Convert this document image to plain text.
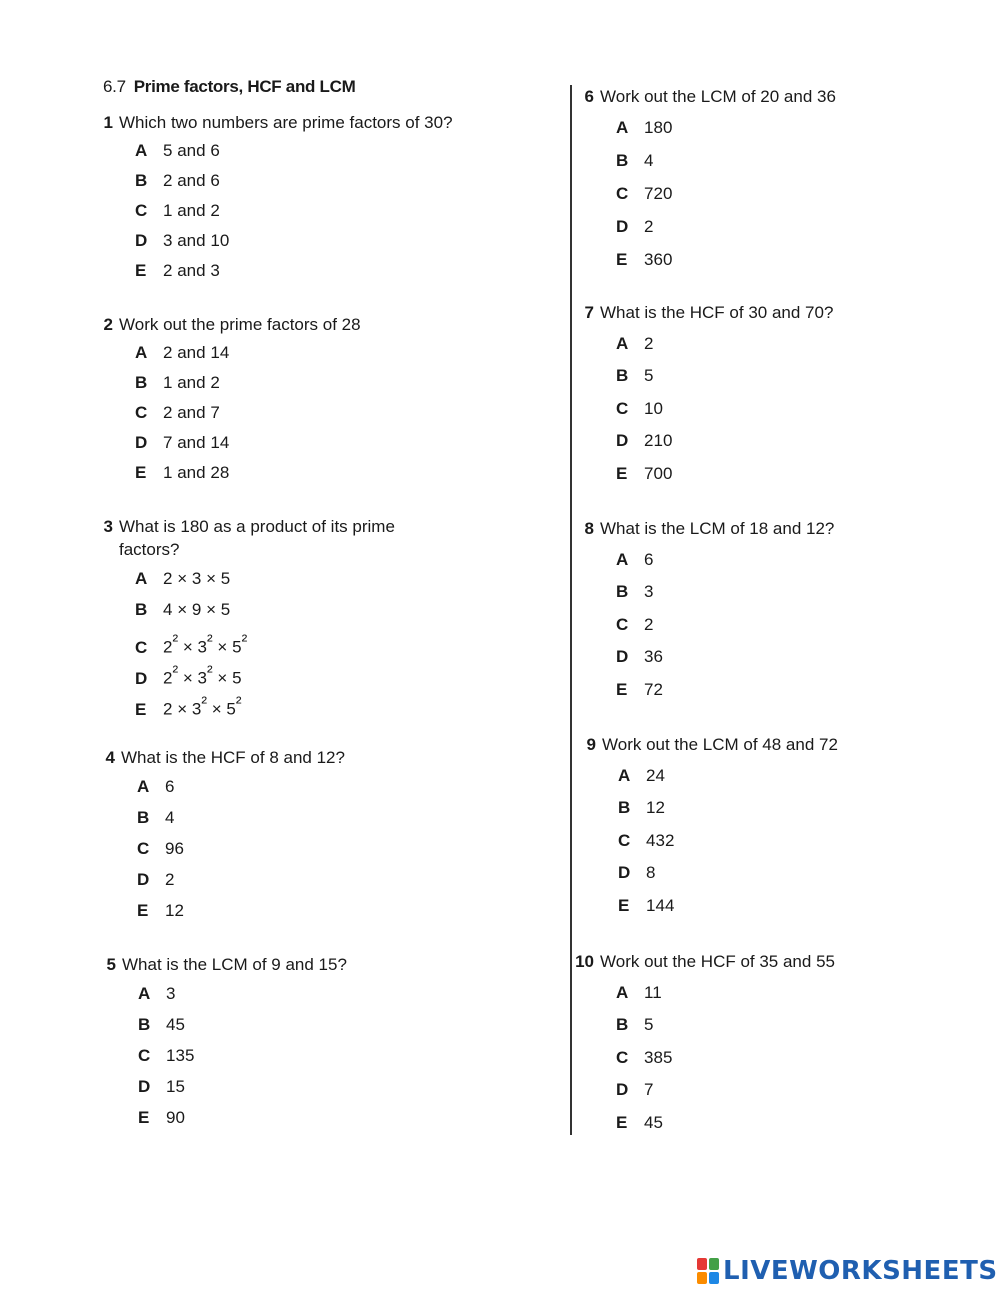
6.7 Prime factors, HCF and LCM
1 Which two numbers are prime factors of 30?
A 5 and 6
B 2 and 6
C 1 and 2
D 3 and 10
E 2 and 3
2 Work out the prime factors of 28
A 2 and 14
B 1 and 2
C 2 and 7
D 7 and 14
E 1 and 28
3 What is 180 as a product of its prime factors?
A 2 × 3 × 5
B 4 × 9 × 5
C $2^{^2} \times 3^{^2} \times 5^{^2}$
D $2^{^2} \times 3^{^2} \times 5$
E $2 \times 3^{^2} \times 5^{^2}$
4 What is the HCF of 8 and 12?
A 6
B 4
C 96
D 2
E 12
5 What is the LCM of 9 and 15?
A 3
B 45
C 135
D 15
E 90
6 Work out the LCM of 20 and 36
A 180
B 4
C 720
D 2
E 360
7 What is the HCF of 30 and 70?
A 2
B 5
C 10
D 210
E 700
8 What is the LCM of 18 and 12?
A 6
B 3
C 2
D 36
E 72
9 Work out the LCM of 48 and 72
A 24
B 12
C 432
D 8
E 144
10 Work out the HCF of 35 and 55
A 11
B 5
C 385
D 7
E 45
LIVEWORKSHEETS
